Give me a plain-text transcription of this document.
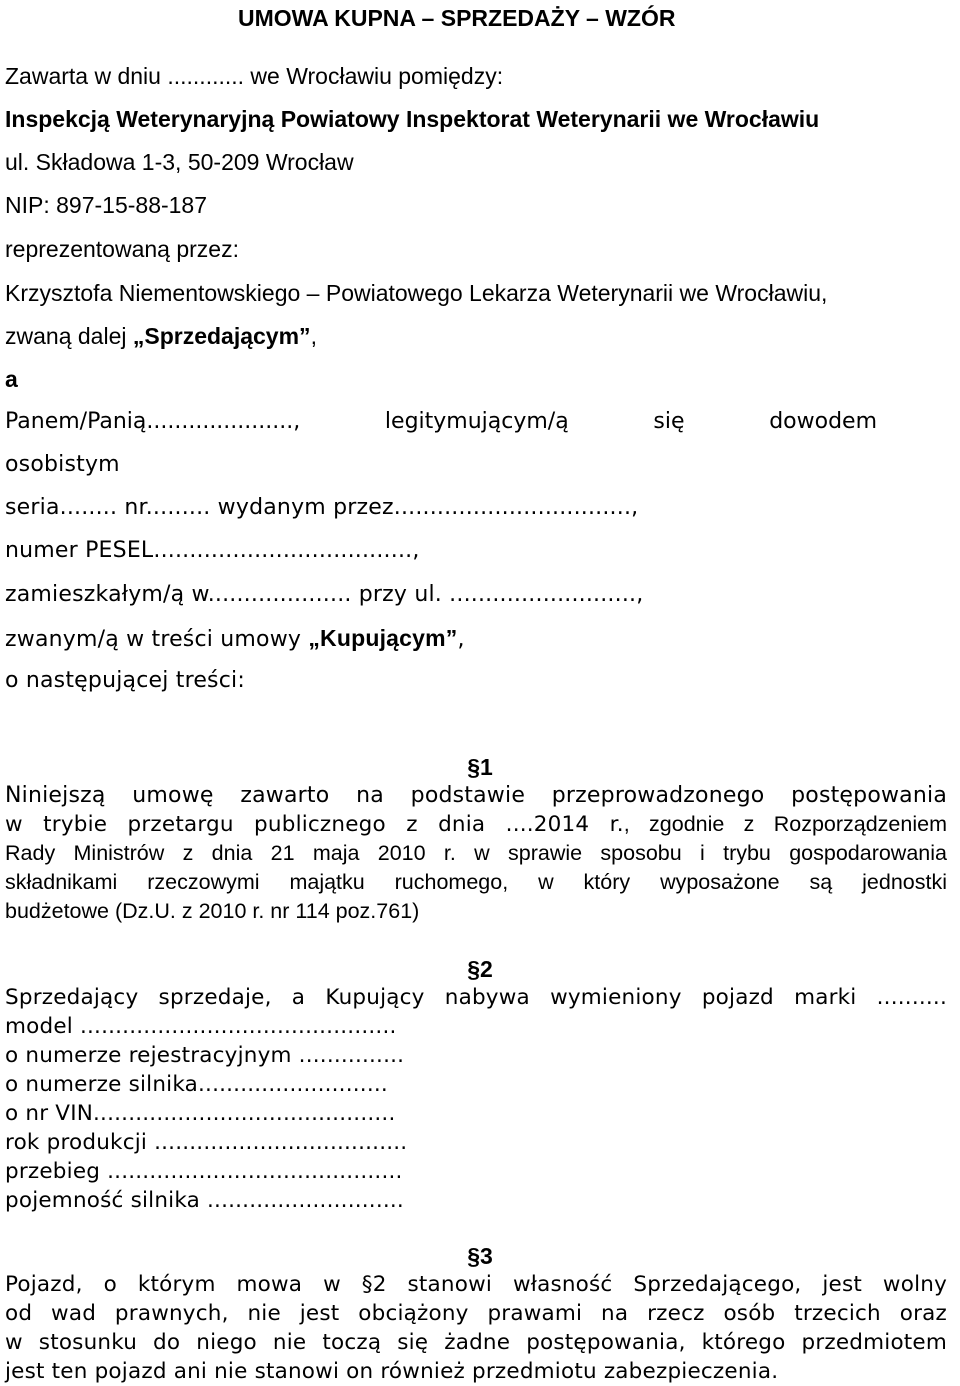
UMOWA KUPNA – SPRZEDAŻY – WZÓR
Zawarta w dniu ............ we Wrocławiu pomiędzy:
Inspekcją Weterynaryjną Powiatowy Inspektorat Weterynarii we Wrocławiu
ul. Składowa 1-3, 50-209 Wrocław
NIP: 897-15-88-187
reprezentowaną przez:
Krzysztofa Niementowskiego – Powiatowego Lekarza Weterynarii we Wrocławiu,
zwaną dalej „Sprzedającym”,
a
Panem/Panią.....................,	legitymującym/ą	się	dowodem
osobistym
seria........ nr......... wydanym przez.................................,
numer PESEL....................................,
zamieszkałym/ą w.................... przy ul. ..........................,
zwanym/ą w treści umowy „Kupującym”,
o następującej treści:
§1
Niniejszą umowę zawarto na podstawie przeprowadzonego postępowania
w trybie przetargu publicznego z dnia ....2014 r., zgodnie z Rozporządzeniem
Rady Ministrów z dnia 21 maja 2010 r. w sprawie sposobu i trybu gospodarowania
składnikami rzeczowymi majątku ruchomego, w który wyposażone są jednostki
budżetowe (Dz.U. z 2010 r. nr 114 poz.761)
§2
Sprzedający sprzedaje, a Kupujący nabywa wymieniony pojazd marki ..........
model .............................................
o numerze rejestracyjnym ...............
o numerze silnika...........................
o nr VIN...........................................
rok produkcji ....................................
przebieg ..........................................
pojemność silnika ............................
§3
Pojazd, o którym mowa w §2 stanowi własność Sprzedającego, jest wolny
od wad prawnych, nie jest obciążony prawami na rzecz osób trzecich oraz
w stosunku do niego nie toczą się żadne postępowania, którego przedmiotem
jest ten pojazd ani nie stanowi on również przedmiotu zabezpieczenia.
